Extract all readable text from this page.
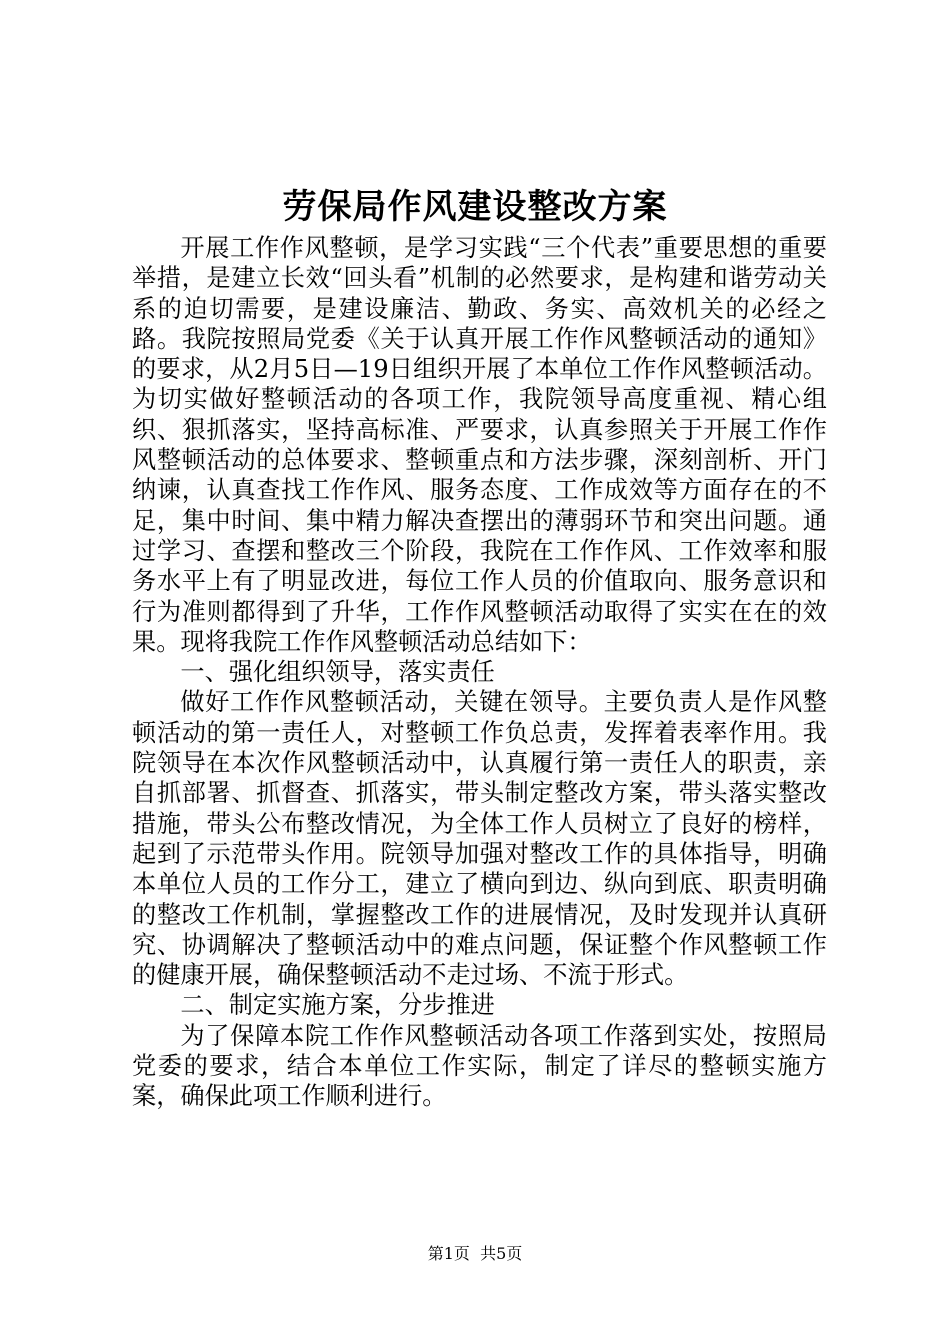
劳保局作风建设整改方案

开展工作作风整顿，是学习实践“三个代表”重要思想的重要举措，是建立长效“回头看”机制的必然要求，是构建和谐劳动关系的迫切需要，是建设廉洁、勤政、务实、高效机关的必经之路。我院按照局党委《关于认真开展工作作风整顿活动的通知》的要求，从2月5日—19日组织开展了本单位工作作风整顿活动。为切实做好整顿活动的各项工作，我院领导高度重视、精心组织、狠抓落实，坚持高标准、严要求，认真参照关于开展工作作风整顿活动的总体要求、整顿重点和方法步骤，深刻剖析、开门纳谏，认真查找工作作风、服务态度、工作成效等方面存在的不足，集中时间、集中精力解决查摆出的薄弱环节和突出问题。通过学习、查摆和整改三个阶段，我院在工作作风、工作效率和服务水平上有了明显改进，每位工作人员的价值取向、服务意识和行为准则都得到了升华，工作作风整顿活动取得了实实在在的效果。现将我院工作作风整顿活动总结如下：

一、强化组织领导，落实责任

做好工作作风整顿活动，关键在领导。主要负责人是作风整顿活动的第一责任人，对整顿工作负总责，发挥着表率作用。我院领导在本次作风整顿活动中，认真履行第一责任人的职责，亲自抓部署、抓督查、抓落实，带头制定整改方案，带头落实整改措施，带头公布整改情况，为全体工作人员树立了良好的榜样，起到了示范带头作用。院领导加强对整改工作的具体指导，明确本单位人员的工作分工，建立了横向到边、纵向到底、职责明确的整改工作机制，掌握整改工作的进展情况，及时发现并认真研究、协调解决了整顿活动中的难点问题，保证整个作风整顿工作的健康开展，确保整顿活动不走过场、不流于形式。

二、制定实施方案，分步推进

为了保障本院工作作风整顿活动各项工作落到实处，按照局党委的要求，结合本单位工作实际，制定了详尽的整顿实施方案，确保此项工作顺利进行。

第1页 共5页
